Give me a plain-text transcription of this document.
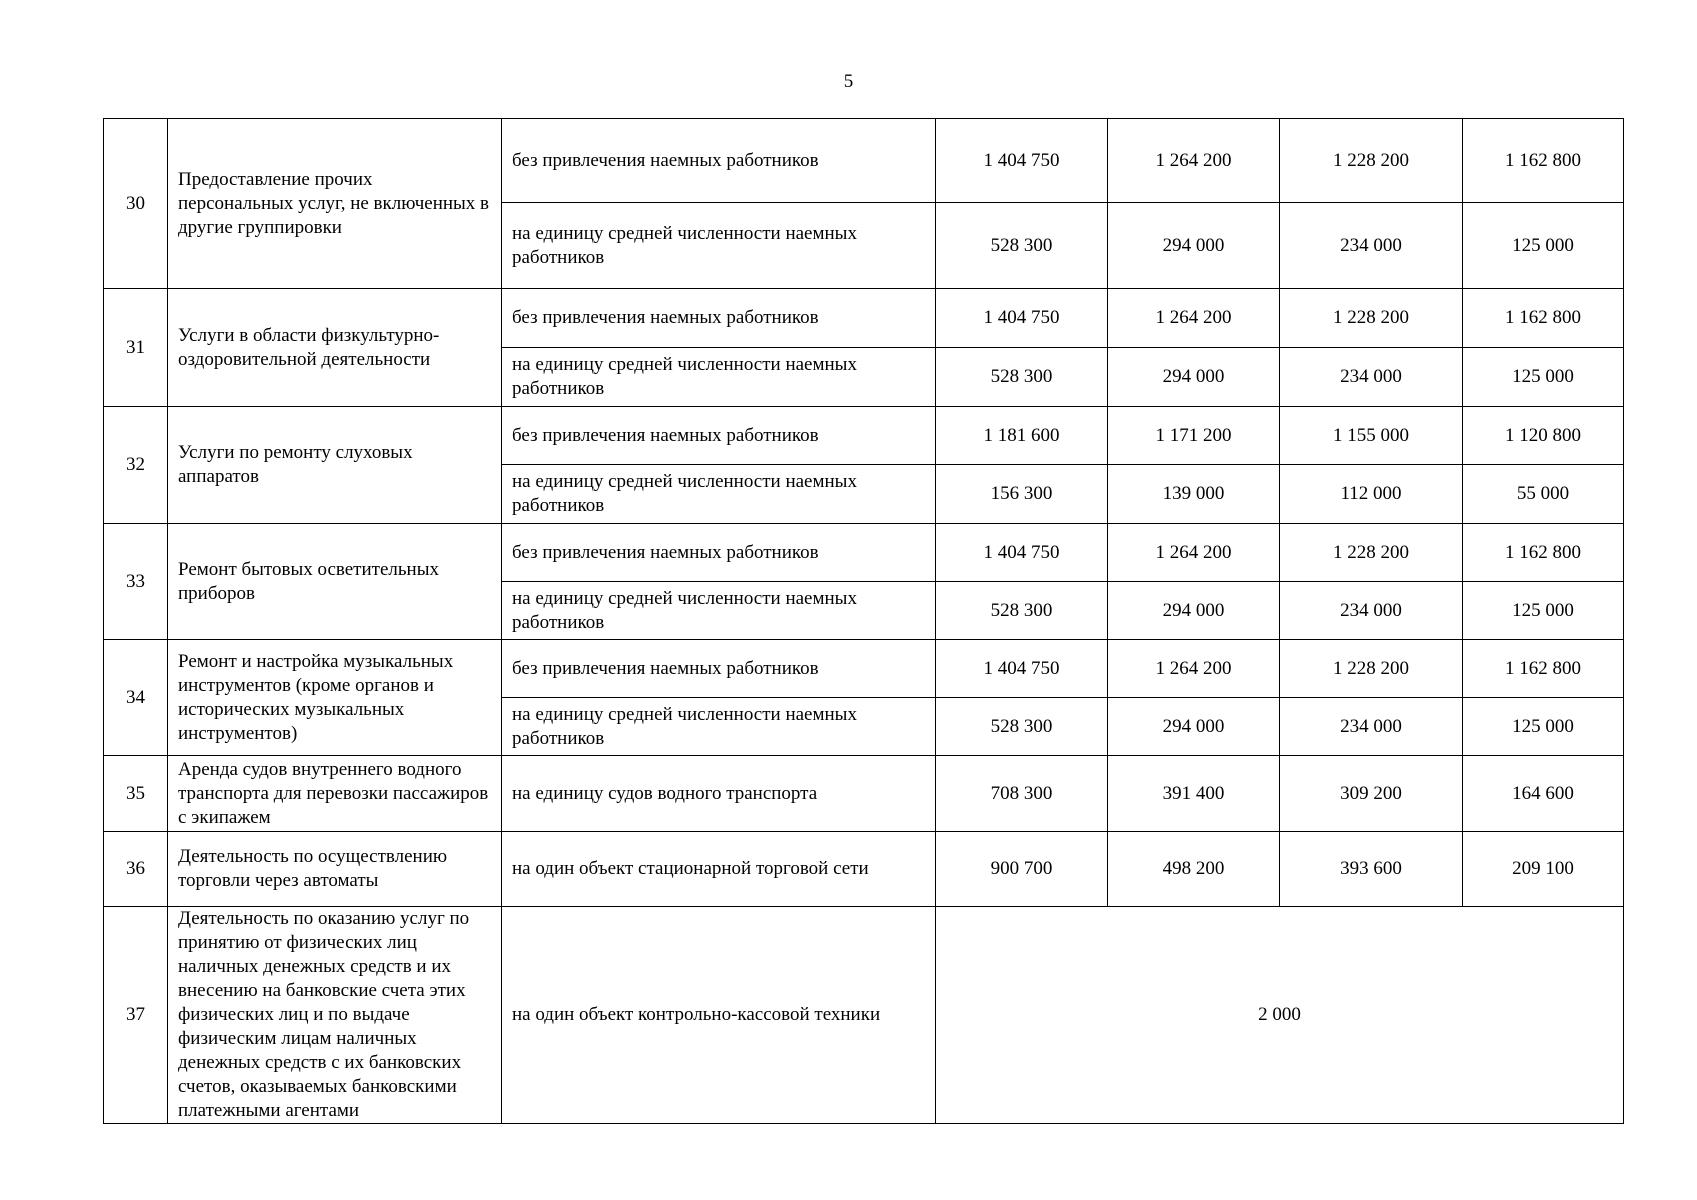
5
30	Предоставление прочих персональных услуг, не включенных в другие группировки	без привлечения наемных работников	1 404 750	1 264 200	1 228 200	1 162 800
		на единицу средней численности наемных работников	528 300	294 000	234 000	125 000
31	Услуги в области физкультурно-оздоровительной деятельности	без привлечения наемных работников	1 404 750	1 264 200	1 228 200	1 162 800
		на единицу средней численности наемных работников	528 300	294 000	234 000	125 000
32	Услуги по ремонту слуховых аппаратов	без привлечения наемных работников	1 181 600	1 171 200	1 155 000	1 120 800
		на единицу средней численности наемных работников	156 300	139 000	112 000	55 000
33	Ремонт бытовых осветительных приборов	без привлечения наемных работников	1 404 750	1 264 200	1 228 200	1 162 800
		на единицу средней численности наемных работников	528 300	294 000	234 000	125 000
34	Ремонт и настройка музыкальных инструментов (кроме органов и исторических музыкальных инструментов)	без привлечения наемных работников	1 404 750	1 264 200	1 228 200	1 162 800
		на единицу средней численности наемных работников	528 300	294 000	234 000	125 000
35	Аренда судов внутреннего водного транспорта для перевозки пассажиров с экипажем	на единицу судов водного транспорта	708 300	391 400	309 200	164 600
36	Деятельность по осуществлению торговли через автоматы	на один объект стационарной торговой сети	900 700	498 200	393 600	209 100
37	Деятельность по оказанию услуг по принятию от физических лиц наличных денежных средств и их внесению на банковские счета этих физических лиц и по выдаче физическим лицам наличных денежных средств с их банковских счетов, оказываемых банковскими платежными агентами	на один объект контрольно-кассовой техники	2 000			
